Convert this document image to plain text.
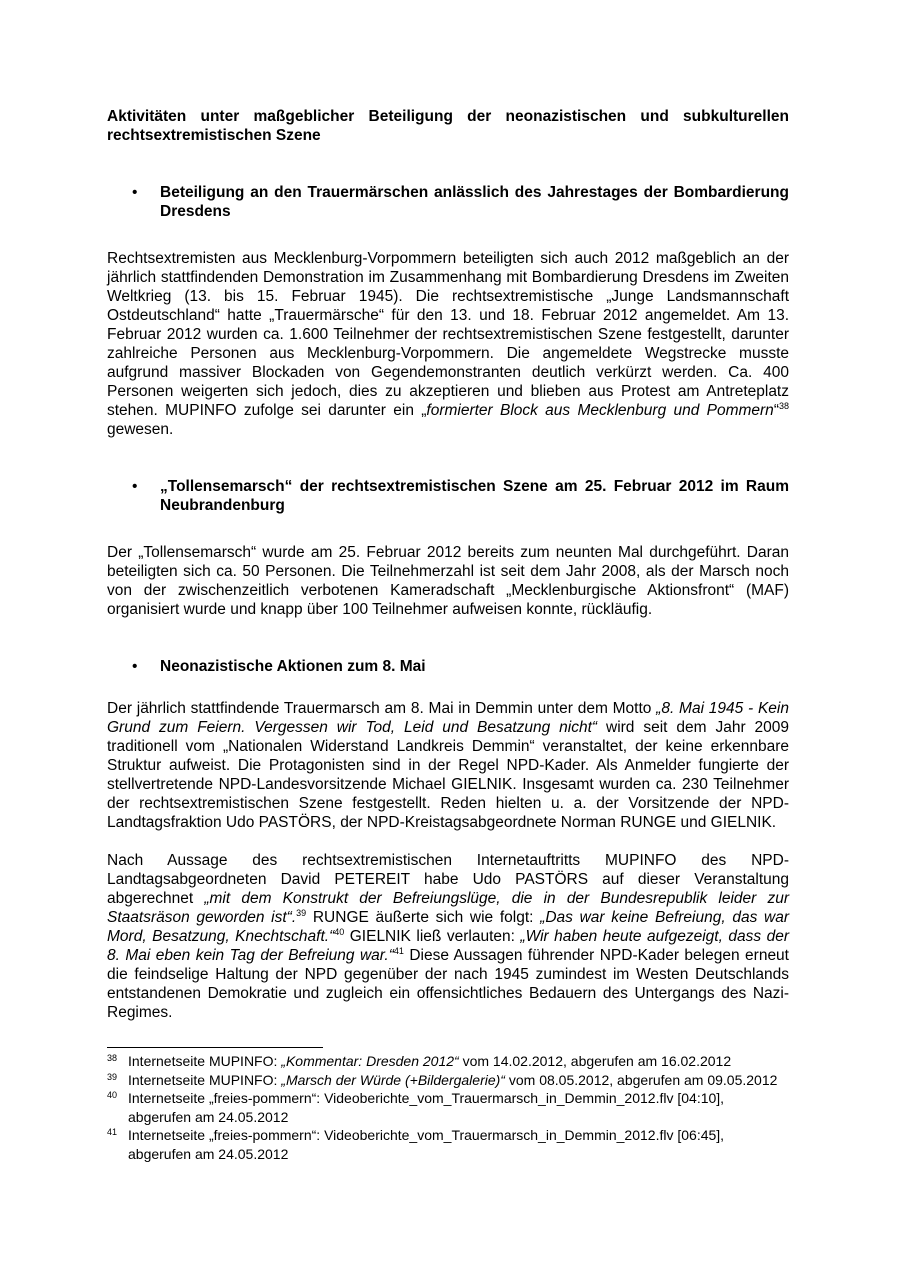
Aktivitäten unter maßgeblicher Beteiligung der neonazistischen und subkulturellen rechtsextremistischen Szene

• Beteiligung an den Trauermärschen anlässlich des Jahrestages der Bombardierung Dresdens

Rechtsextremisten aus Mecklenburg-Vorpommern beteiligten sich auch 2012 maßgeblich an der jährlich stattfindenden Demonstration im Zusammenhang mit Bombardierung Dresdens im Zweiten Weltkrieg (13. bis 15. Februar 1945). Die rechtsextremistische „Junge Landsmannschaft Ostdeutschland“ hatte „Trauermärsche“ für den 13. und 18. Februar 2012 angemeldet. Am 13. Februar 2012 wurden ca. 1.600 Teilnehmer der rechtsextremistischen Szene festgestellt, darunter zahlreiche Personen aus Mecklenburg-Vorpommern. Die angemeldete Wegstrecke musste aufgrund massiver Blockaden von Gegendemonstranten deutlich verkürzt werden. Ca. 400 Personen weigerten sich jedoch, dies zu akzeptieren und blieben aus Protest am Antreteplatz stehen. MUPINFO zufolge sei darunter ein „formierter Block aus Mecklenburg und Pommern“$^{38}$ gewesen.

• „Tollensemarsch“ der rechtsextremistischen Szene am 25. Februar 2012 im Raum Neubrandenburg

Der „Tollensemarsch“ wurde am 25. Februar 2012 bereits zum neunten Mal durchgeführt. Daran beteiligten sich ca. 50 Personen. Die Teilnehmerzahl ist seit dem Jahr 2008, als der Marsch noch von der zwischenzeitlich verbotenen Kameradschaft „Mecklenburgische Aktionsfront“ (MAF) organisiert wurde und knapp über 100 Teilnehmer aufweisen konnte, rückläufig.

• Neonazistische Aktionen zum 8. Mai

Der jährlich stattfindende Trauermarsch am 8. Mai in Demmin unter dem Motto „8. Mai 1945 - Kein Grund zum Feiern. Vergessen wir Tod, Leid und Besatzung nicht“ wird seit dem Jahr 2009 traditionell vom „Nationalen Widerstand Landkreis Demmin“ veranstaltet, der keine erkennbare Struktur aufweist. Die Protagonisten sind in der Regel NPD-Kader. Als Anmelder fungierte der stellvertretende NPD-Landesvorsitzende Michael GIELNIK. Insgesamt wurden ca. 230 Teilnehmer der rechtsextremistischen Szene festgestellt. Reden hielten u. a. der Vorsitzende der NPD-Landtagsfraktion Udo PASTÖRS, der NPD-Kreistagsabgeordnete Norman RUNGE und GIELNIK.

Nach Aussage des rechtsextremistischen Internetauftritts MUPINFO des NPD-Landtagsabgeordneten David PETEREIT habe Udo PASTÖRS auf dieser Veranstaltung abgerechnet „mit dem Konstrukt der Befreiungslüge, die in der Bundesrepublik leider zur Staatsräson geworden ist“.$^{39}$ RUNGE äußerte sich wie folgt: „Das war keine Befreiung, das war Mord, Besatzung, Knechtschaft.“$^{40}$ GIELNIK ließ verlauten: „Wir haben heute aufgezeigt, dass der 8. Mai eben kein Tag der Befreiung war.“$^{41}$ Diese Aussagen führender NPD-Kader belegen erneut die feindselige Haltung der NPD gegenüber der nach 1945 zumindest im Westen Deutschlands entstandenen Demokratie und zugleich ein offensichtliches Bedauern des Untergangs des Nazi-Regimes.

38 Internetseite MUPINFO: „Kommentar: Dresden 2012“ vom 14.02.2012, abgerufen am 16.02.2012

39 Internetseite MUPINFO: „Marsch der Würde (+Bildergalerie)“ vom 08.05.2012, abgerufen am 09.05.2012

40 Internetseite „freies-pommern“: Videoberichte_vom_Trauermarsch_in_Demmin_2012.flv [04:10], abgerufen am 24.05.2012

41 Internetseite „freies-pommern“: Videoberichte_vom_Trauermarsch_in_Demmin_2012.flv [06:45], abgerufen am 24.05.2012
